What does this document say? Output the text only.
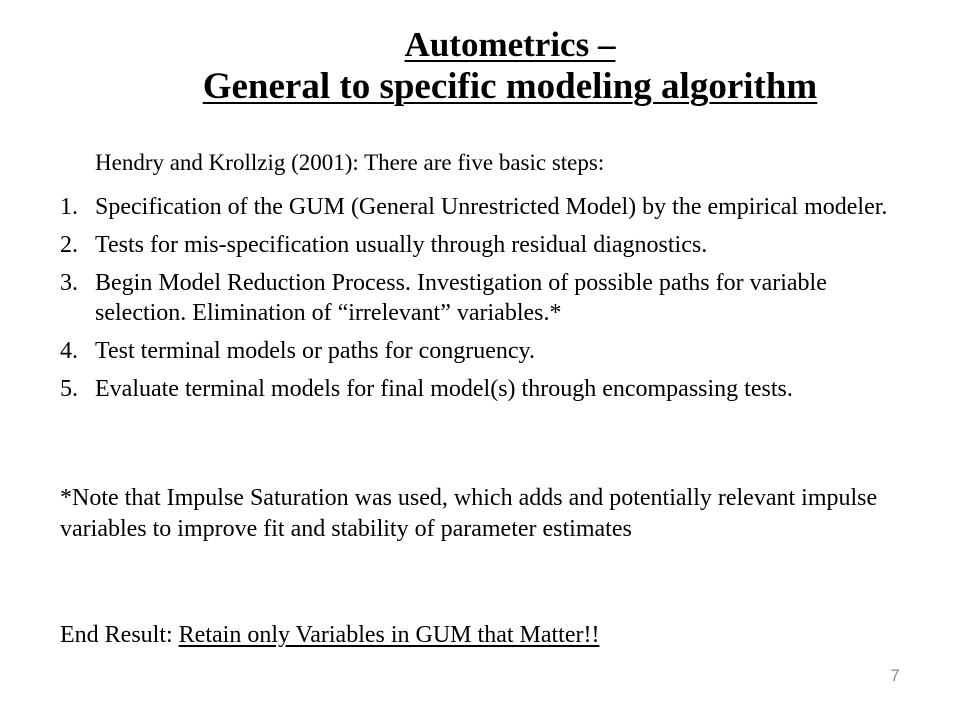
Autometrics –
General to specific modeling algorithm
Hendry and Krollzig (2001): There are five basic steps:
1. Specification of the GUM (General Unrestricted Model) by the empirical modeler.
2. Tests for mis-specification usually through residual diagnostics.
3. Begin Model Reduction Process. Investigation of possible paths for variable selection. Elimination of “irrelevant” variables.*
4. Test terminal models or paths for congruency.
5. Evaluate terminal models for final model(s) through encompassing tests.
*Note that Impulse Saturation was used, which adds and potentially relevant impulse variables to improve fit and stability of parameter estimates
End Result: Retain only Variables in GUM that Matter!!
7
